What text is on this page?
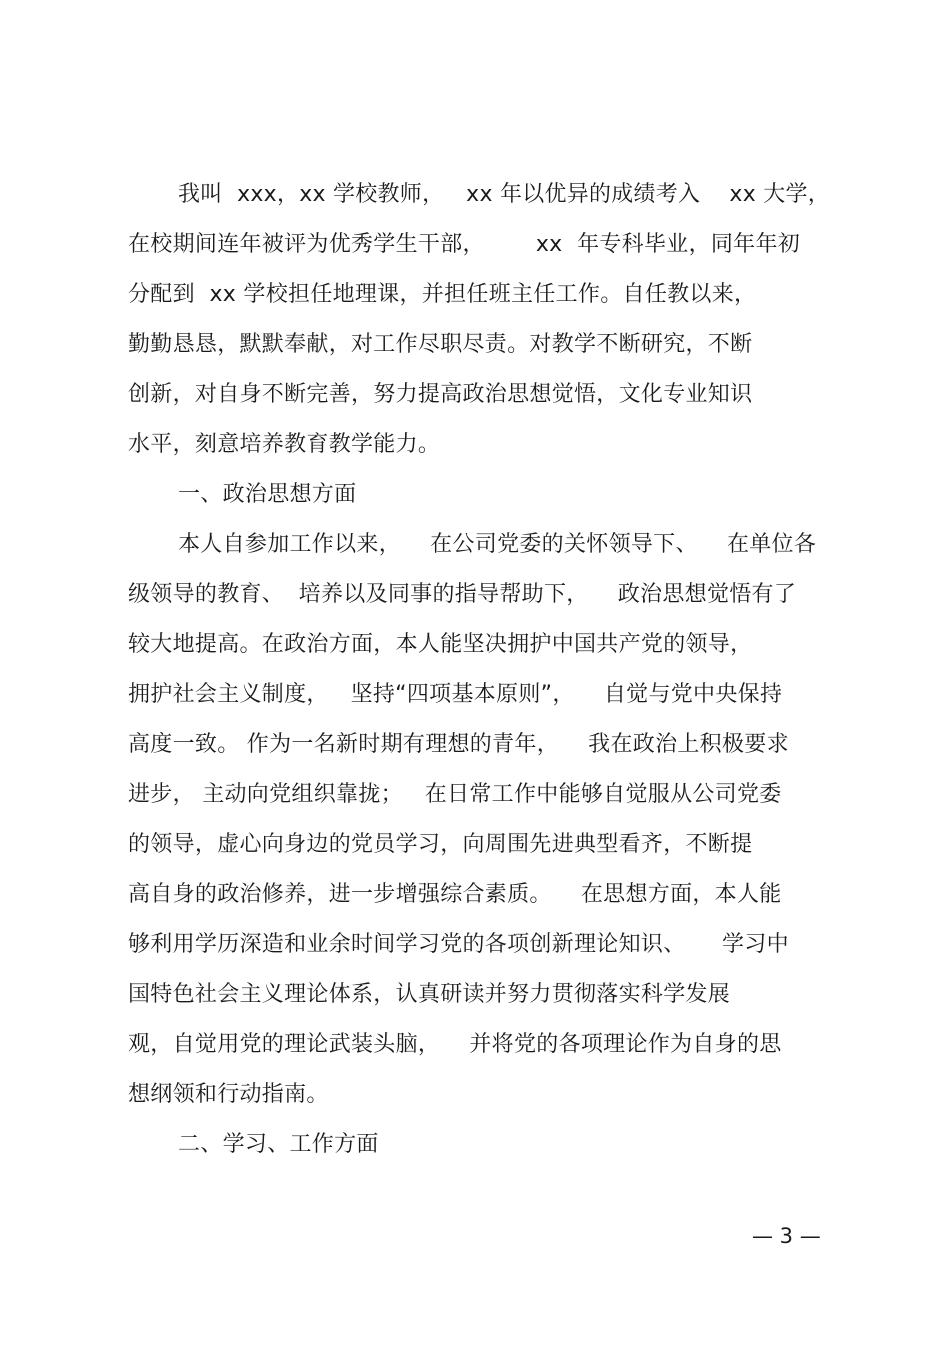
我叫  xxx，xx 学校教师，   xx 年以优异的成绩考入    xx 大学，
在校期间连年被评为优秀学生干部，       xx  年专科毕业，同年年初
分配到  xx 学校担任地理课，并担任班主任工作。自任教以来，
勤勤恳恳，默默奉献，对工作尽职尽责。对教学不断研究，不断
创新，对自身不断完善，努力提高政治思想觉悟，文化专业知识
水平，刻意培养教育教学能力。
一、政治思想方面
本人自参加工作以来，    在公司党委的关怀领导下、    在单位各
级领导的教育、  培养以及同事的指导帮助下，    政治思想觉悟有了
较大地提高。在政治方面，本人能坚决拥护中国共产党的领导，
拥护社会主义制度，   坚持“四项基本原则”，    自觉与党中央保持
高度一致。 作为一名新时期有理想的青年，    我在政治上积极要求
进步， 主动向党组织靠拢；   在日常工作中能够自觉服从公司党委
的领导，虚心向身边的党员学习，向周围先进典型看齐，不断提
高自身的政治修养，进一步增强综合素质。    在思想方面，本人能
够利用学历深造和业余时间学习党的各项创新理论知识、     学习中
国特色社会主义理论体系，认真研读并努力贯彻落实科学发展
观，自觉用党的理论武装头脑，    并将党的各项理论作为自身的思
想纲领和行动指南。
二、学习、工作方面
— 3 —
